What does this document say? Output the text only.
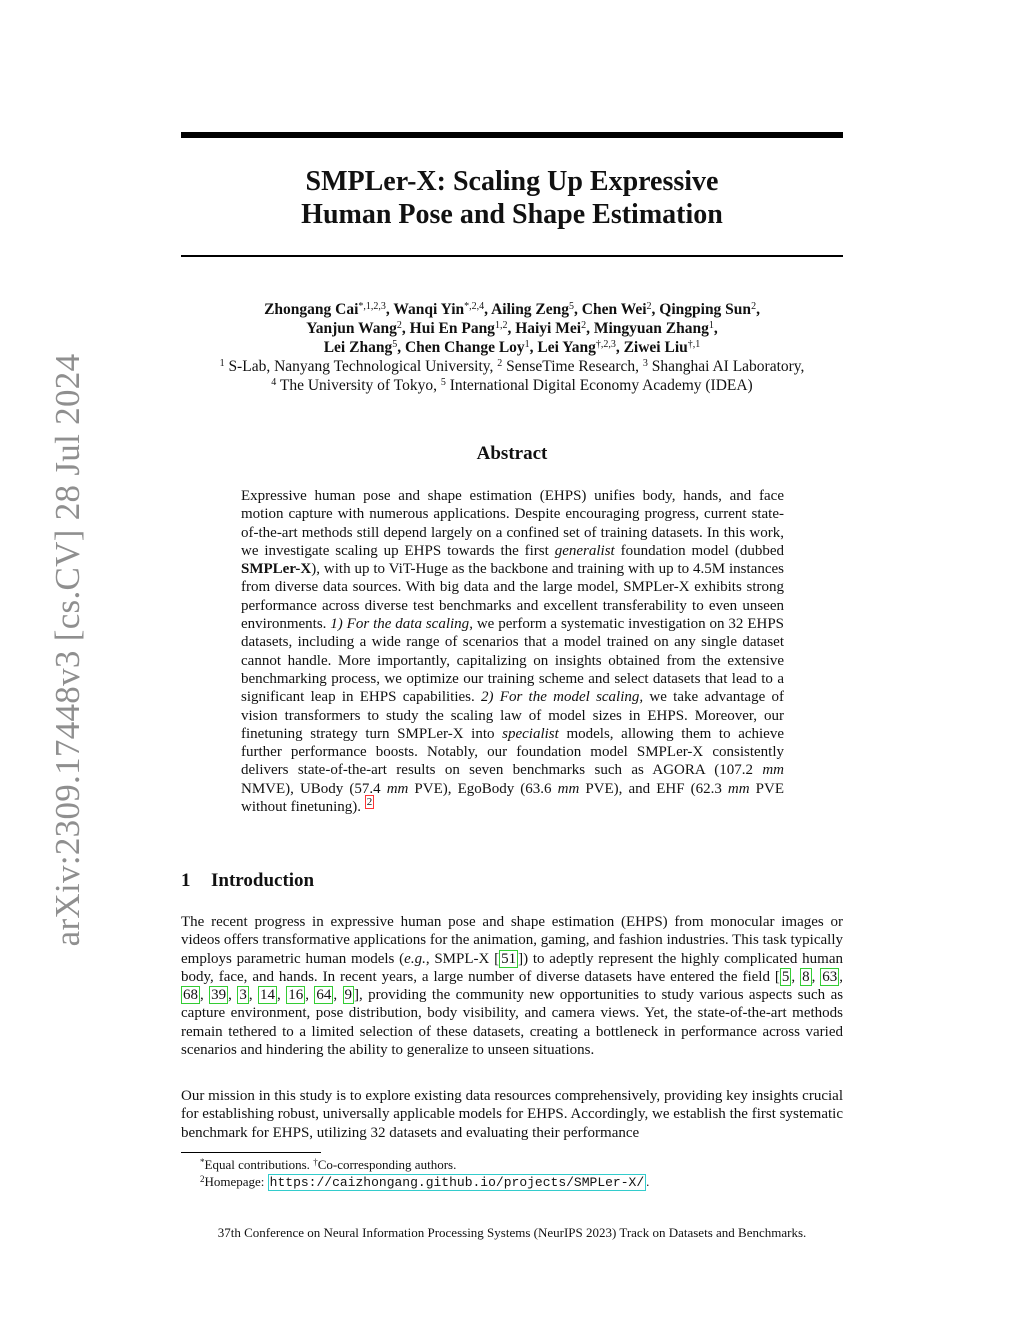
arXiv:2309.17448v3 [cs.CV] 28 Jul 2024
SMPLer-X: Scaling Up Expressive
Human Pose and Shape Estimation
Zhongang Cai$^{*,1,2,3}$, Wanqi Yin$^{*,2,4}$, Ailing Zeng$^5$, Chen Wei$^2$, Qingping Sun$^2$,
Yanjun Wang$^2$, Hui En Pang$^{1,2}$, Haiyi Mei$^2$, Mingyuan Zhang$^1$,
Lei Zhang$^5$, Chen Change Loy$^1$, Lei Yang$^{\dagger,2,3}$, Ziwei Liu$^{\dagger,1}$
$^1$ S-Lab, Nanyang Technological University, $^2$ SenseTime Research, $^3$ Shanghai AI Laboratory,
$^4$ The University of Tokyo, $^5$ International Digital Economy Academy (IDEA)
Abstract
Expressive human pose and shape estimation (EHPS) unifies body, hands, and face motion capture with numerous applications. Despite encouraging progress, current state-of-the-art methods still depend largely on a confined set of training datasets. In this work, we investigate scaling up EHPS towards the first generalist foundation model (dubbed SMPLer-X), with up to ViT-Huge as the backbone and training with up to 4.5M instances from diverse data sources. With big data and the large model, SMPLer-X exhibits strong performance across diverse test benchmarks and excellent transferability to even unseen environments. 1) For the data scaling, we perform a systematic investigation on 32 EHPS datasets, including a wide range of scenarios that a model trained on any single dataset cannot handle. More importantly, capitalizing on insights obtained from the extensive benchmarking process, we optimize our training scheme and select datasets that lead to a significant leap in EHPS capabilities. 2) For the model scaling, we take advantage of vision transformers to study the scaling law of model sizes in EHPS. Moreover, our finetuning strategy turn SMPLer-X into specialist models, allowing them to achieve further performance boosts. Notably, our foundation model SMPLer-X consistently delivers state-of-the-art results on seven benchmarks such as AGORA (107.2 mm NMVE), UBody (57.4 mm PVE), EgoBody (63.6 mm PVE), and EHF (62.3 mm PVE without finetuning). $^2$
1 Introduction
The recent progress in expressive human pose and shape estimation (EHPS) from monocular images or videos offers transformative applications for the animation, gaming, and fashion industries. This task typically employs parametric human models (e.g., SMPL-X [ 51 ]) to adeptly represent the highly complicated human body, face, and hands. In recent years, a large number of diverse datasets have entered the field [ 5 , 8 , 63 , 68 , 39 , 3 , 14 , 16 , 64 , 9 ], providing the community new opportunities to study various aspects such as capture environment, pose distribution, body visibility, and camera views. Yet, the state-of-the-art methods remain tethered to a limited selection of these datasets, creating a bottleneck in performance across varied scenarios and hindering the ability to generalize to unseen situations.
Our mission in this study is to explore existing data resources comprehensively, providing key insights crucial for establishing robust, universally applicable models for EHPS. Accordingly, we establish the first systematic benchmark for EHPS, utilizing 32 datasets and evaluating their performance
*Equal contributions. †Co-corresponding authors.
$^2$Homepage: https://caizhongang.github.io/projects/SMPLer-X/ .
37th Conference on Neural Information Processing Systems (NeurIPS 2023) Track on Datasets and Benchmarks.
